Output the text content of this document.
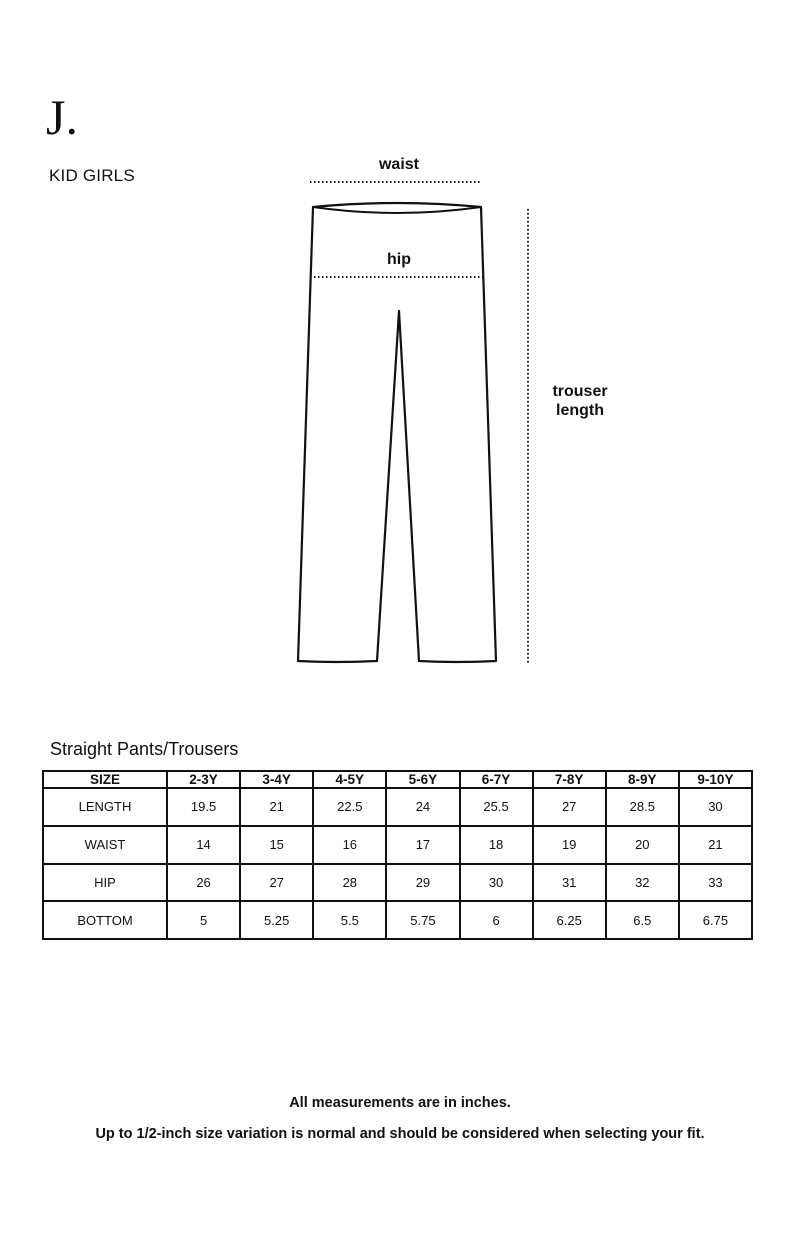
J.
KID GIRLS
waist
hip
trouser
length
Straight Pants/Trousers
SIZE	2-3Y	3-4Y	4-5Y	5-6Y	6-7Y	7-8Y	8-9Y	9-10Y
LENGTH	19.5	21	22.5	24	25.5	27	28.5	30
WAIST	14	15	16	17	18	19	20	21
HIP	26	27	28	29	30	31	32	33
BOTTOM	5	5.25	5.5	5.75	6	6.25	6.5	6.75
All measurements are in inches.
Up to 1/2-inch size variation is normal and should be considered when selecting your fit.
